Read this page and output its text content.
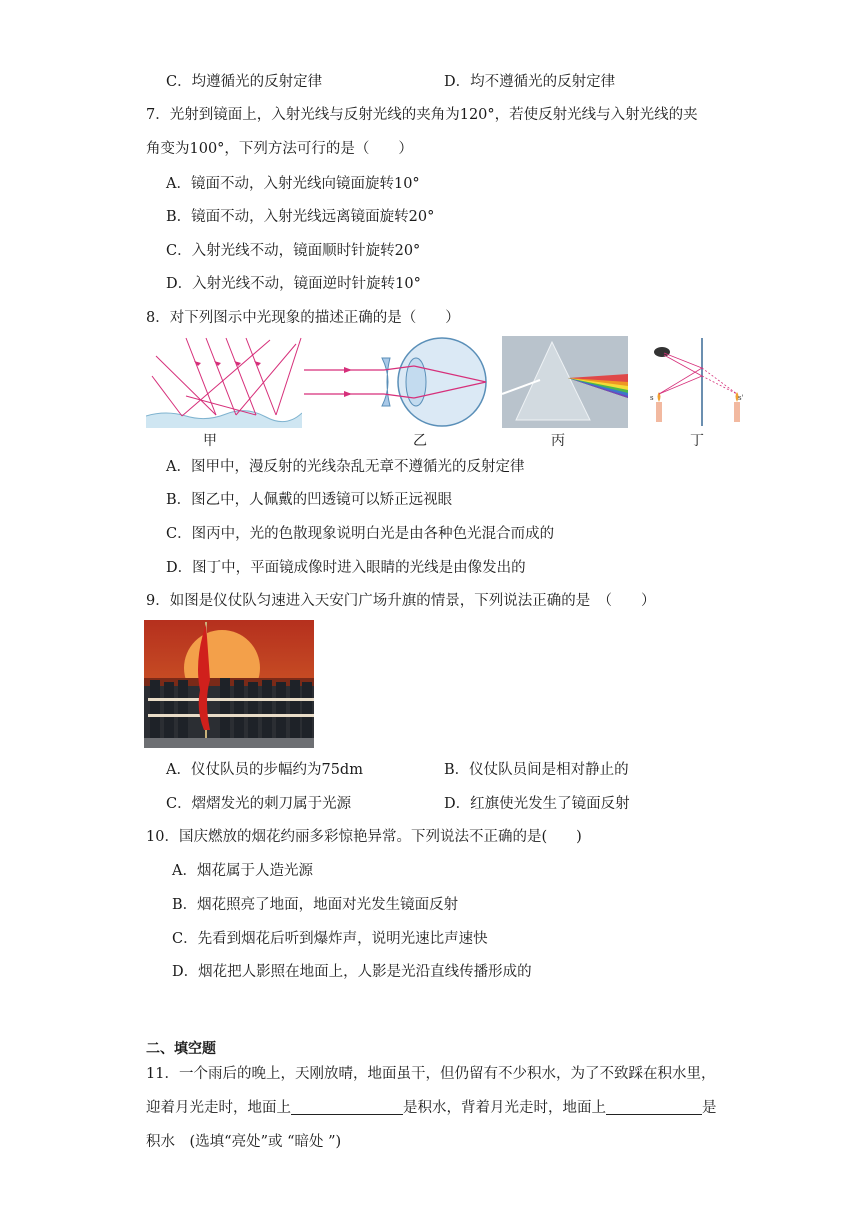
C．均遵循光的反射定律	D．均不遵循光的反射定律
7．光射到镜面上，入射光线与反射光线的夹角为120°，若使反射光线与入射光线的夹
角变为100°，下列方法可行的是（　　）
A．镜面不动，入射光线向镜面旋转10°
B．镜面不动，入射光线远离镜面旋转20°
C．入射光线不动，镜面顺时针旋转20°
D．入射光线不动，镜面逆时针旋转10°
8．对下列图示中光现象的描述正确的是（　　）
甲	乙	丙
s	s'
丁
A．图甲中，漫反射的光线杂乱无章不遵循光的反射定律
B．图乙中，人佩戴的凹透镜可以矫正远视眼
C．图丙中，光的色散现象说明白光是由各种色光混合而成的
D．图丁中，平面镜成像时进入眼睛的光线是由像发出的
9．如图是仪仗队匀速进入天安门广场升旗的情景，下列说法正确的是　（　　）
A．仪仗队员的步幅约为75dm	B．仪仗队员间是相对静止的
C．熠熠发光的刺刀属于光源	D．红旗使光发生了镜面反射
10．国庆燃放的烟花约丽多彩惊艳异常。下列说法不正确的是(　　)
A．烟花属于人造光源
B．烟花照亮了地面，地面对光发生镜面反射
C．先看到烟花后听到爆炸声，说明光速比声速快
D．烟花把人影照在地面上，人影是光沿直线传播形成的
二、填空题
11．一个雨后的晚上，天刚放晴，地面虽干，但仍留有不少积水，为了不致踩在积水里，
迎着月光走时，地面上	是积水，背着月光走时，地面上	是
积水　(选填“亮处”或 “暗处 ”)
